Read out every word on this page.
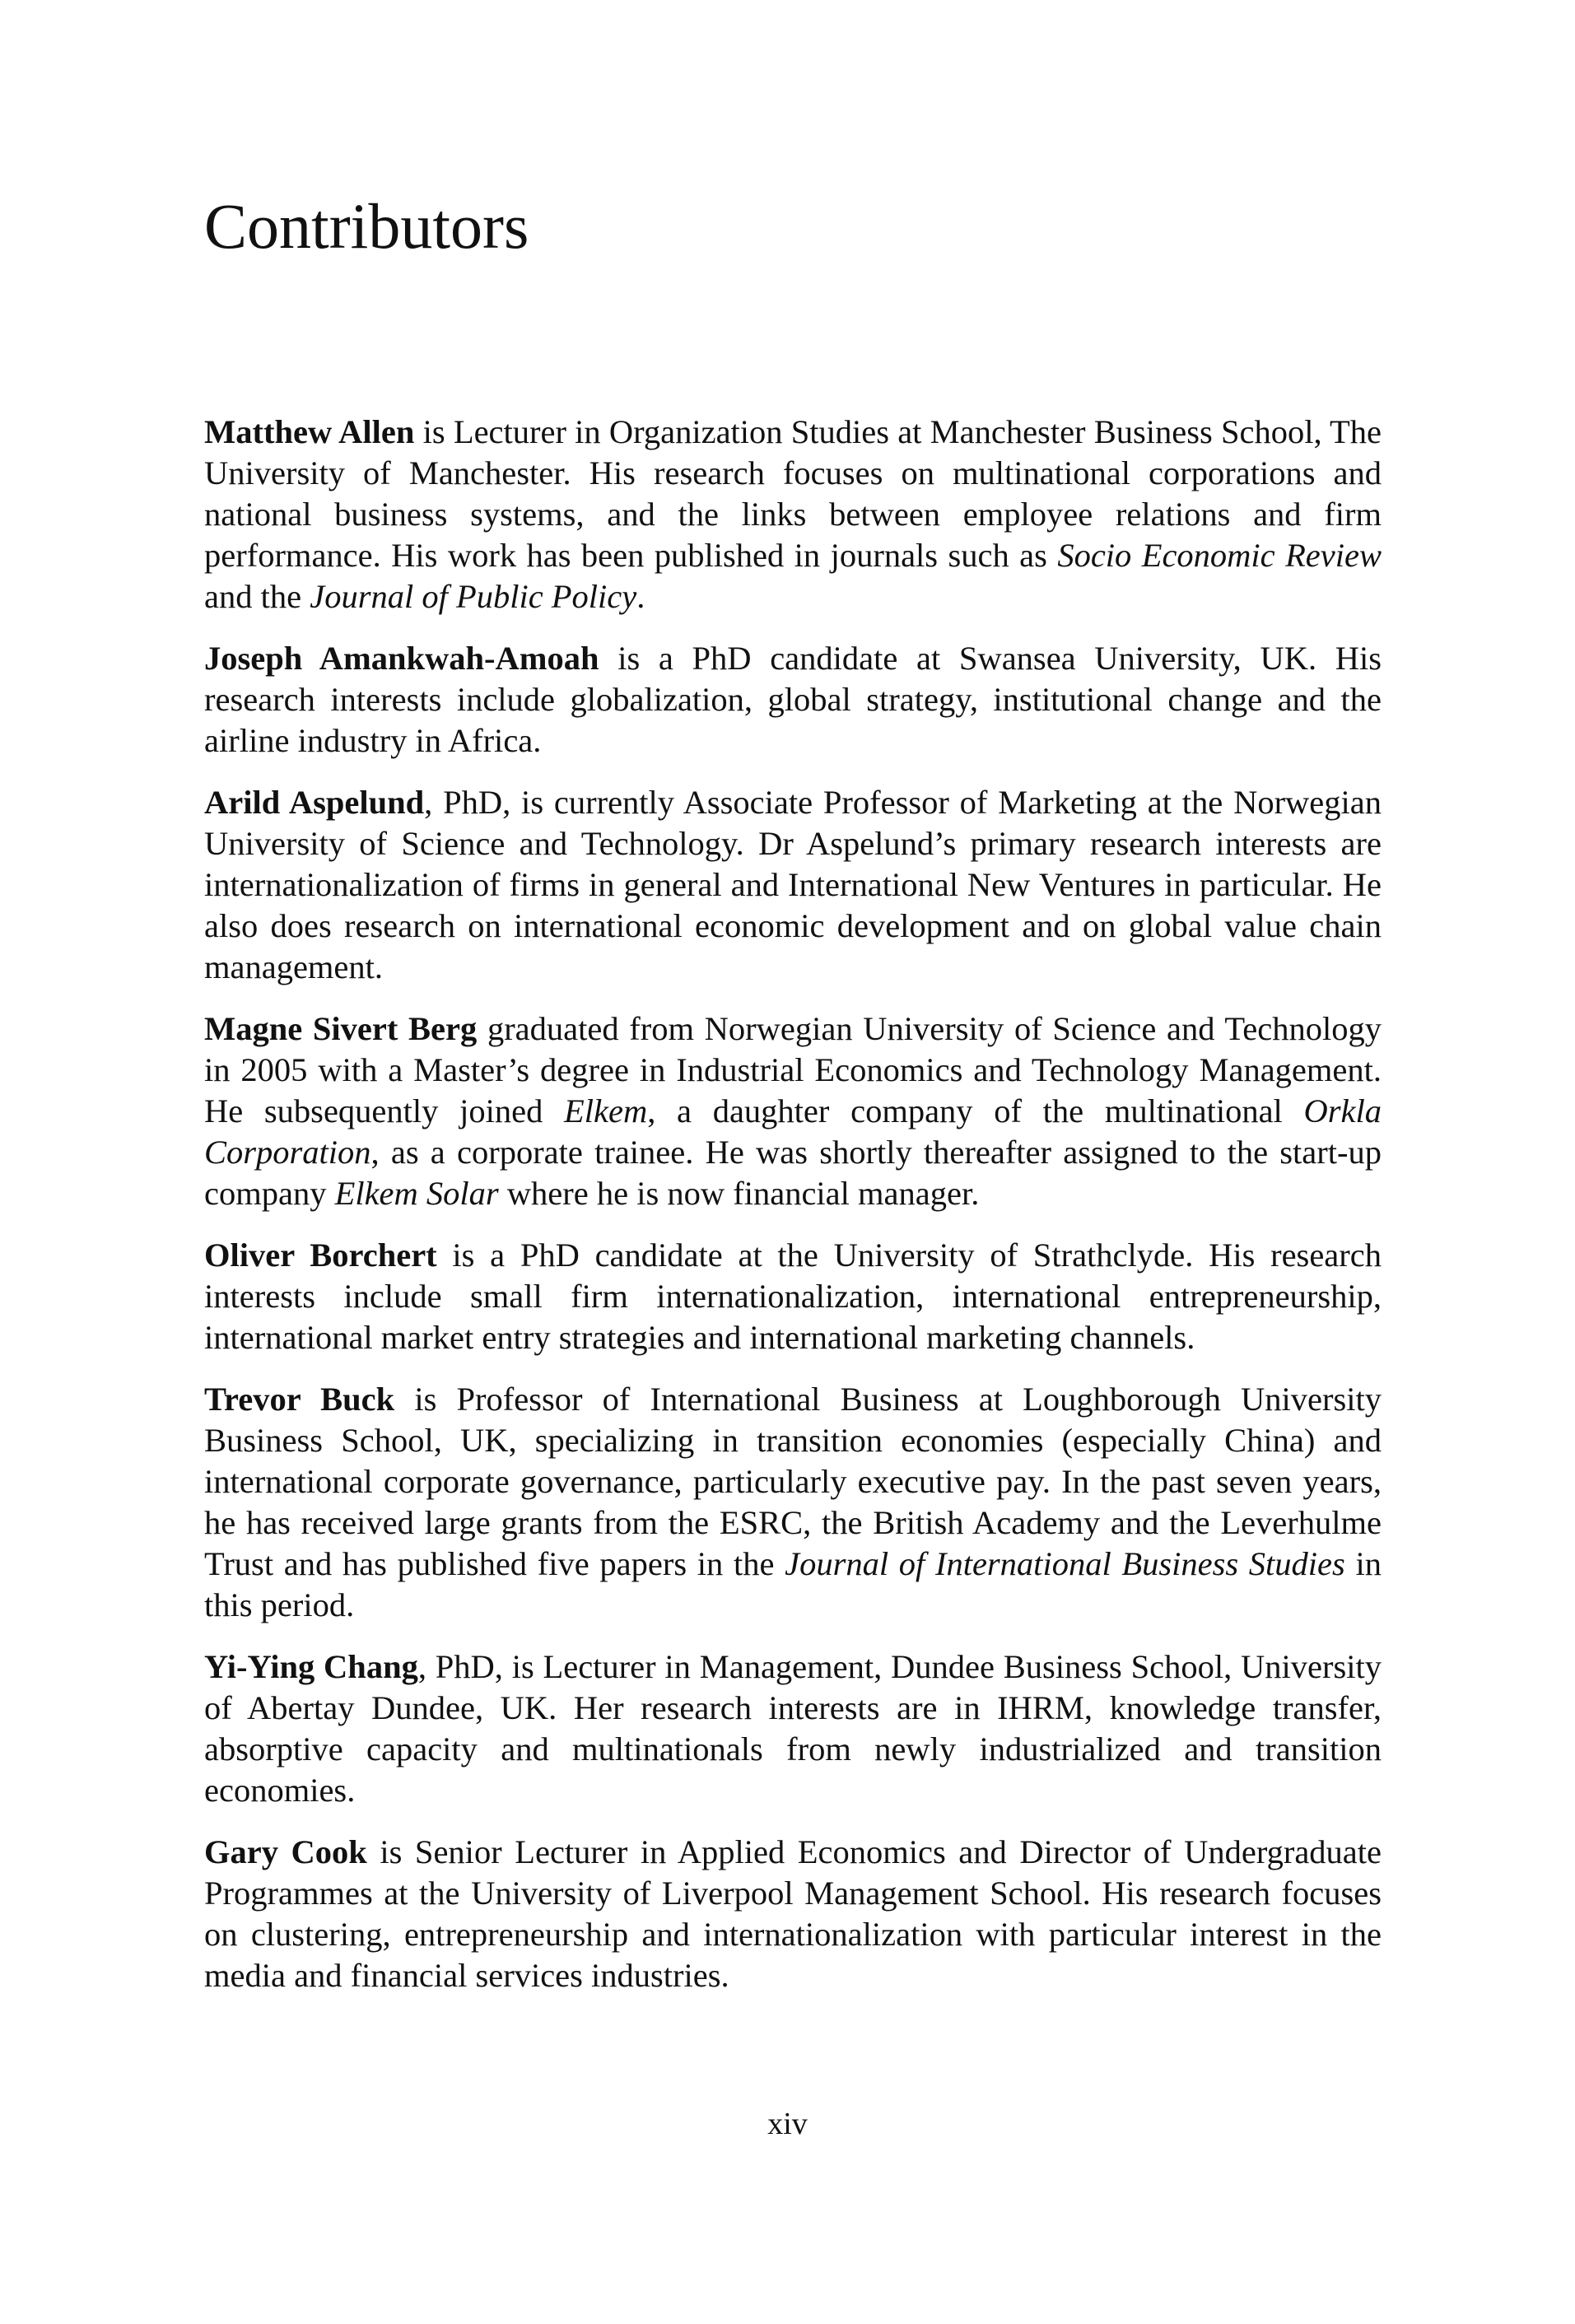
Contributors

Matthew Allen is Lecturer in Organization Studies at Manchester Business School, The University of Manchester. His research focuses on multinational corporations and national business systems, and the links between employee relations and firm performance. His work has been published in journals such as Socio Economic Review and the Journal of Public Policy.

Joseph Amankwah-Amoah is a PhD candidate at Swansea University, UK. His research interests include globalization, global strategy, institutional change and the airline industry in Africa.

Arild Aspelund, PhD, is currently Associate Professor of Marketing at the Norwegian University of Science and Technology. Dr Aspelund’s primary research interests are internationalization of firms in general and International New Ventures in particular. He also does research on international economic development and on global value chain management.

Magne Sivert Berg graduated from Norwegian University of Science and Technology in 2005 with a Master’s degree in Industrial Economics and Technology Management. He subsequently joined Elkem, a daughter company of the multinational Orkla Corporation, as a corporate trainee. He was shortly thereafter assigned to the start-up company Elkem Solar where he is now financial manager.

Oliver Borchert is a PhD candidate at the University of Strathclyde. His research interests include small firm internationalization, international entrepreneurship, international market entry strategies and international marketing channels.

Trevor Buck is Professor of International Business at Loughborough University Business School, UK, specializing in transition economies (especially China) and international corporate governance, particularly executive pay. In the past seven years, he has received large grants from the ESRC, the British Academy and the Leverhulme Trust and has published five papers in the Journal of International Business Studies in this period.

Yi-Ying Chang, PhD, is Lecturer in Management, Dundee Business School, University of Abertay Dundee, UK. Her research interests are in IHRM, knowledge transfer, absorptive capacity and multinationals from newly industrialized and transition economies.

Gary Cook is Senior Lecturer in Applied Economics and Director of Undergraduate Programmes at the University of Liverpool Management School. His research focuses on clustering, entrepreneurship and internationalization with particular interest in the media and financial services industries.

xiv
